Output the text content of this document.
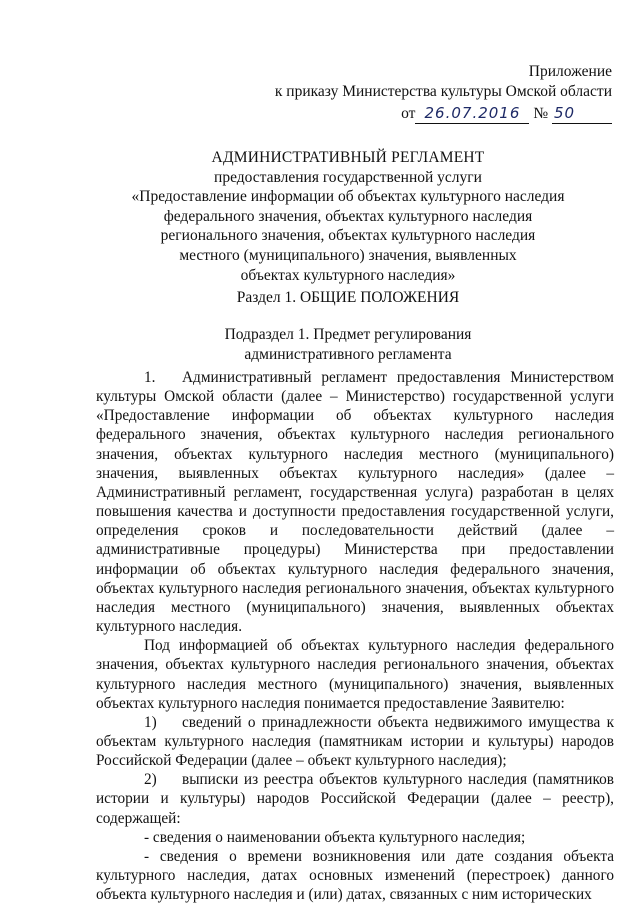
Приложение
к приказу Министерства культуры Омской области
от 26.07.2016 № 50
АДМИНИСТРАТИВНЫЙ РЕГЛАМЕНТ
предоставления государственной услуги
«Предоставление информации об объектах культурного наследия
федерального значения, объектах культурного наследия
регионального значения, объектах культурного наследия
местного (муниципального) значения, выявленных
объектах культурного наследия»
Раздел 1. ОБЩИЕ ПОЛОЖЕНИЯ
Подраздел 1. Предмет регулирования
административного регламента

1. Административный регламент предоставления Министерством культуры Омской области (далее – Министерство) государственной услуги «Предоставление информации об объектах культурного наследия федерального значения, объектах культурного наследия регионального значения, объектах культурного наследия местного (муниципального) значения, выявленных объектах культурного наследия» (далее – Административный регламент, государственная услуга) разработан в целях повышения качества и доступности предоставления государственной услуги, определения сроков и последовательности действий (далее – административные процедуры) Министерства при предоставлении информации об объектах культурного наследия федерального значения, объектах культурного наследия регионального значения, объектах культурного наследия местного (муниципального) значения, выявленных объектах культурного наследия.

Под информацией об объектах культурного наследия федерального значения, объектах культурного наследия регионального значения, объектах культурного наследия местного (муниципального) значения, выявленных объектах культурного наследия понимается предоставление Заявителю:

1) сведений о принадлежности объекта недвижимого имущества к объектам культурного наследия (памятникам истории и культуры) народов Российской Федерации (далее – объект культурного наследия);

2) выписки из реестра объектов культурного наследия (памятников истории и культуры) народов Российской Федерации (далее – реестр), содержащей:

- сведения о наименовании объекта культурного наследия;

- сведения о времени возникновения или дате создания объекта культурного наследия, датах основных изменений (перестроек) данного объекта культурного наследия и (или) датах, связанных с ним исторических
